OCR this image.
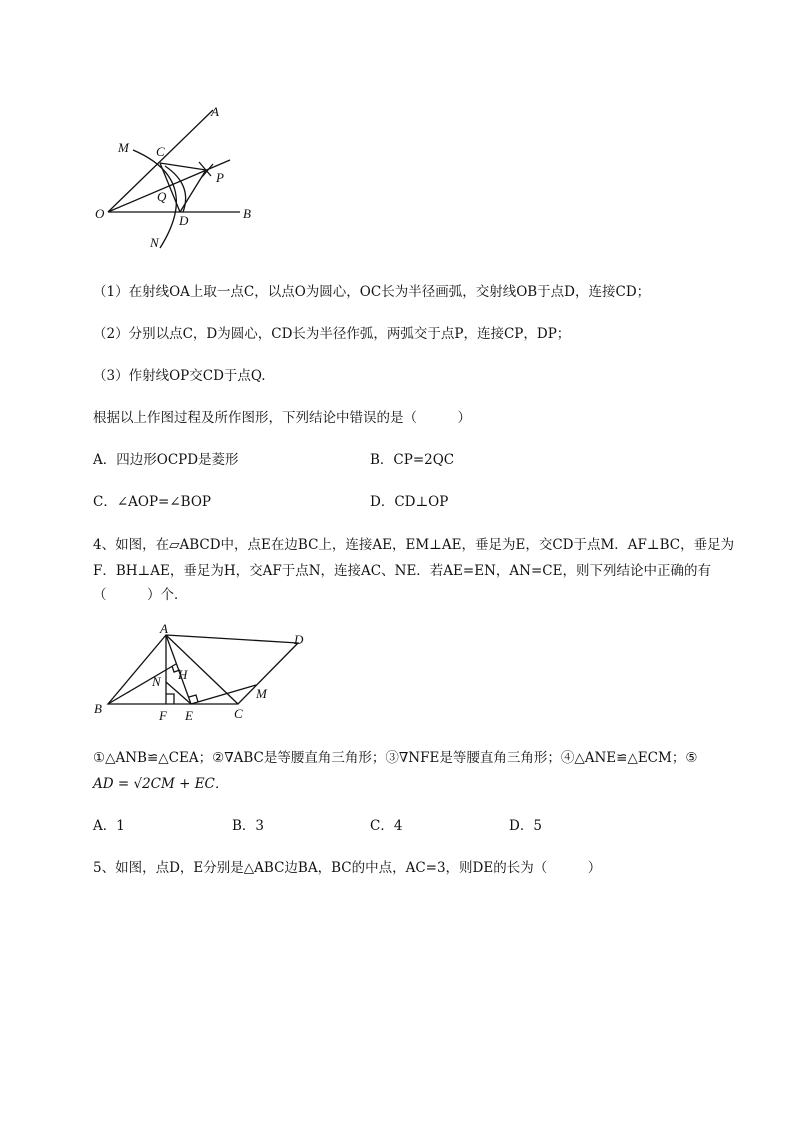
A
M C
P
Q
O	D	B
N
（1）在射线OA上取一点C，以点O为圆心，OC长为半径画弧，交射线OB于点D，连接CD；
（2）分别以点C，D为圆心，CD长为半径作弧，两弧交于点P，连接CP，DP；
（3）作射线OP交CD于点Q.
根据以上作图过程及所作图形，下列结论中错误的是（　　　）
A．四边形OCPD是菱形	B．CP=2QC
C．∠AOP=∠BOP	D．CD⊥OP
4、如图，在▱ABCD中，点E在边BC上，连接AE，EM⊥AE，垂足为E，交CD于点M．AF⊥BC，垂足为
F．BH⊥AE，垂足为H，交AF于点N，连接AC、NE．若AE=EN，AN=CE，则下列结论中正确的有
（　　　）个．
A
D
H
N
M
B	F E	C
①△ANB≌△CEA；②∇ABC是等腰直角三角形；③∇NFE是等腰直角三角形；④△ANE≌△ECM；⑤
AD = √2CM + EC．
A．1	B．3	C．4	D．5
5、如图，点D，E分别是△ABC边BA，BC的中点，AC=3，则DE的长为（　　　）
